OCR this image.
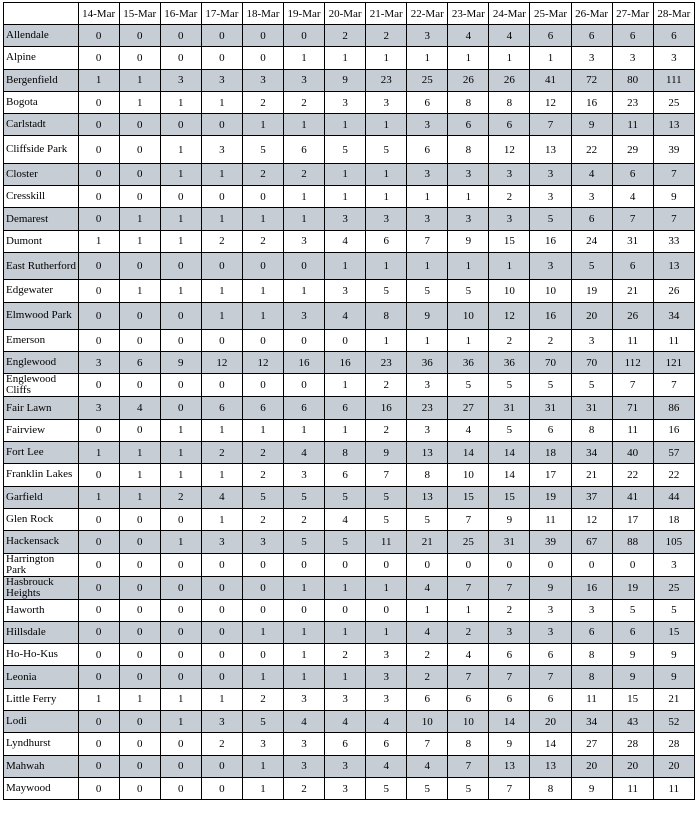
	14-Mar	15-Mar	16-Mar	17-Mar	18-Mar	19-Mar	20-Mar	21-Mar	22-Mar	23-Mar	24-Mar	25-Mar	26-Mar	27-Mar	28-Mar
Allendale	0	0	0	0	0	0	2	2	3	4	4	6	6	6	6
Alpine	0	0	0	0	0	1	1	1	1	1	1	1	3	3	3
Bergenfield	1	1	3	3	3	3	9	23	25	26	26	41	72	80	111
Bogota	0	1	1	1	2	2	3	3	6	8	8	12	16	23	25
Carlstadt	0	0	0	0	1	1	1	1	3	6	6	7	9	11	13
Cliffside Park	0	0	1	3	5	6	5	5	6	8	12	13	22	29	39
Closter	0	0	1	1	2	2	1	1	3	3	3	3	4	6	7
Cresskill	0	0	0	0	0	1	1	1	1	1	2	3	3	4	9
Demarest	0	1	1	1	1	1	3	3	3	3	3	5	6	7	7
Dumont	1	1	1	2	2	3	4	6	7	9	15	16	24	31	33
East Rutherford	0	0	0	0	0	0	1	1	1	1	1	3	5	6	13
Edgewater	0	1	1	1	1	1	3	5	5	5	10	10	19	21	26
Elmwood Park	0	0	0	1	1	3	4	8	9	10	12	16	20	26	34
Emerson	0	0	0	0	0	0	0	1	1	1	2	2	3	11	11
Englewood	3	6	9	12	12	16	16	23	36	36	36	70	70	112	121
Englewood Cliffs	0	0	0	0	0	0	1	2	3	5	5	5	5	7	7
Fair Lawn	3	4	0	6	6	6	6	16	23	27	31	31	31	71	86
Fairview	0	0	1	1	1	1	1	2	3	4	5	6	8	11	16
Fort Lee	1	1	1	2	2	4	8	9	13	14	14	18	34	40	57
Franklin Lakes	0	1	1	1	2	3	6	7	8	10	14	17	21	22	22
Garfield	1	1	2	4	5	5	5	5	13	15	15	19	37	41	44
Glen Rock	0	0	0	1	2	2	4	5	5	7	9	11	12	17	18
Hackensack	0	0	1	3	3	5	5	11	21	25	31	39	67	88	105
Harrington Park	0	0	0	0	0	0	0	0	0	0	0	0	0	0	3
Hasbrouck Heights	0	0	0	0	0	1	1	1	4	7	7	9	16	19	25
Haworth	0	0	0	0	0	0	0	0	1	1	2	3	3	5	5
Hillsdale	0	0	0	0	1	1	1	1	4	2	3	3	6	6	15
Ho-Ho-Kus	0	0	0	0	0	1	2	3	2	4	6	6	8	9	9
Leonia	0	0	0	0	1	1	1	3	2	7	7	7	8	9	9
Little Ferry	1	1	1	1	2	3	3	3	6	6	6	6	11	15	21
Lodi	0	0	1	3	5	4	4	4	10	10	14	20	34	43	52
Lyndhurst	0	0	0	2	3	3	6	6	7	8	9	14	27	28	28
Mahwah	0	0	0	0	1	3	3	4	4	7	13	13	20	20	20
Maywood	0	0	0	0	1	2	3	5	5	5	7	8	9	11	11
